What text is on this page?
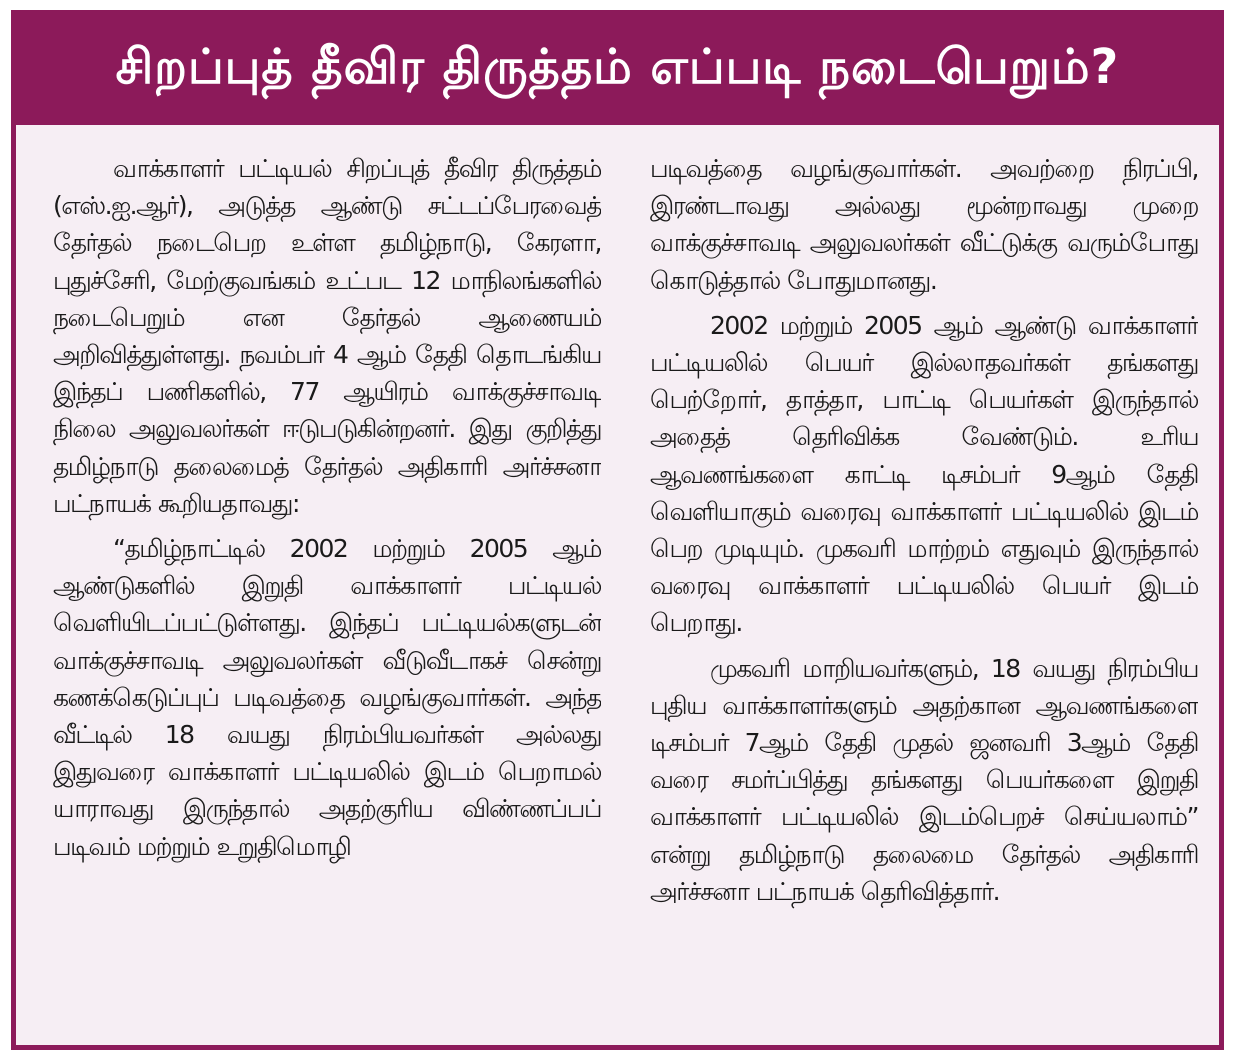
சிறப்புத் தீவிர திருத்தம் எப்படி நடைபெறும்?

வாக்காளர் பட்டியல் சிறப்புத் தீவிர திருத்தம் (எஸ்.ஐ.ஆர்), அடுத்த ஆண்டு சட்டப்பேரவைத் தேர்தல் நடைபெற உள்ள தமிழ்நாடு, கேரளா, புதுச்சேரி, மேற்குவங்கம் உட்பட 12 மாநிலங்களில் நடைபெறும் என தேர்தல் ஆணையம் அறிவித்துள்ளது. நவம்பர் 4 ஆம் தேதி தொடங்கிய இந்தப் பணிகளில், 77 ஆயிரம் வாக்குச்சாவடி நிலை அலுவலர்கள் ஈடுபடுகின்றனர். இது குறித்து தமிழ்நாடு தலைமைத் தேர்தல் அதிகாரி அர்ச்சனா பட்நாயக் கூறியதாவது:

“தமிழ்நாட்டில் 2002 மற்றும் 2005 ஆம் ஆண்டுகளில் இறுதி வாக்காளர் பட்டியல் வெளியிடப்பட்டுள்ளது. இந்தப் பட்டியல்களுடன் வாக்குச்சாவடி அலுவலர்கள் வீடுவீடாகச் சென்று கணக்கெடுப்புப் படிவத்தை வழங்குவார்கள். அந்த வீட்டில் 18 வயது நிரம்பியவர்கள் அல்லது இதுவரை வாக்காளர் பட்டியலில் இடம் பெறாமல் யாராவது இருந்தால் அதற்குரிய விண்ணப்பப் படிவம் மற்றும் உறுதிமொழி

படிவத்தை வழங்குவார்கள். அவற்றை நிரப்பி, இரண்டாவது அல்லது மூன்றாவது முறை வாக்குச்சாவடி அலுவலர்கள் வீட்டுக்கு வரும்போது கொடுத்தால் போதுமானது.

2002 மற்றும் 2005 ஆம் ஆண்டு வாக்காளர் பட்டியலில் பெயர் இல்லாதவர்கள் தங்களது பெற்றோர், தாத்தா, பாட்டி பெயர்கள் இருந்தால் அதைத் தெரிவிக்க வேண்டும். உரிய ஆவணங்களை காட்டி டிசம்பர் 9ஆம் தேதி வெளியாகும் வரைவு வாக்காளர் பட்டியலில் இடம் பெற முடியும். முகவரி மாற்றம் எதுவும் இருந்தால் வரைவு வாக்காளர் பட்டியலில் பெயர் இடம் பெறாது.

முகவரி மாறியவர்களும், 18 வயது நிரம்பிய புதிய வாக்காளர்களும் அதற்கான ஆவணங்களை டிசம்பர் 7ஆம் தேதி முதல் ஜனவரி 3ஆம் தேதி வரை சமர்ப்பித்து தங்களது பெயர்களை இறுதி வாக்காளர் பட்டியலில் இடம்பெறச் செய்யலாம்” என்று தமிழ்நாடு தலைமை தேர்தல் அதிகாரி அர்ச்சனா பட்நாயக் தெரிவித்தார்.
